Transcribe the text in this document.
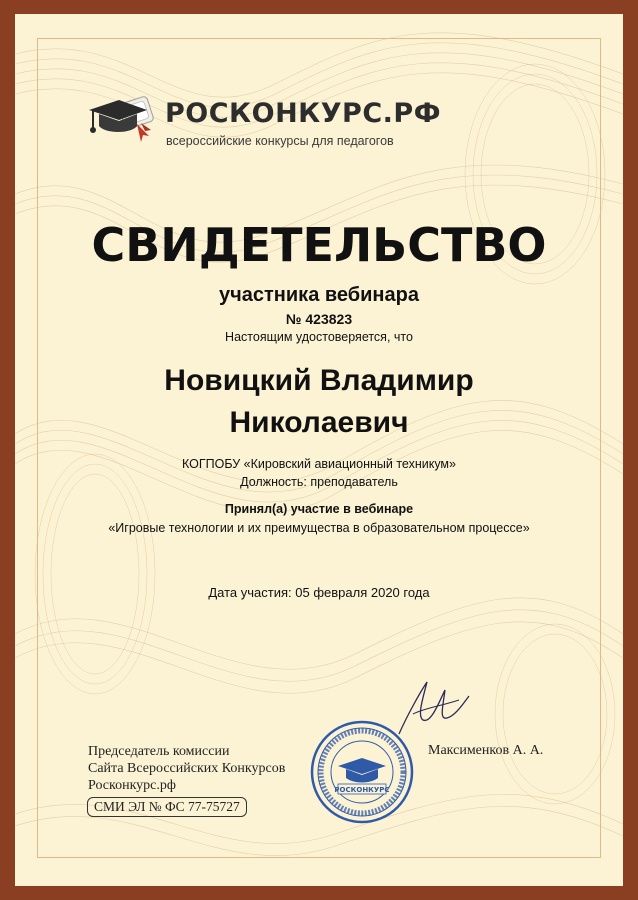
РОСКОНКУРС.РФ
всероссийские конкурсы для педагогов
СВИДЕТЕЛЬСТВО
участника вебинара
№ 423823
Настоящим удостоверяется, что
Новицкий Владимир
Николаевич
КОГПОБУ «Кировский авиационный техникум»
Должность: преподаватель
Принял(а) участие в вебинаре
«Игровые технологии и их преимущества в образовательном процессе»
Дата участия: 05 февраля 2020 года
Председатель комиссии
Сайта Всероссийских Конкурсов
Росконкурс.рф
СМИ ЭЛ № ФС 77-75727
РОСКОНКУРС
Максименков А. А.
